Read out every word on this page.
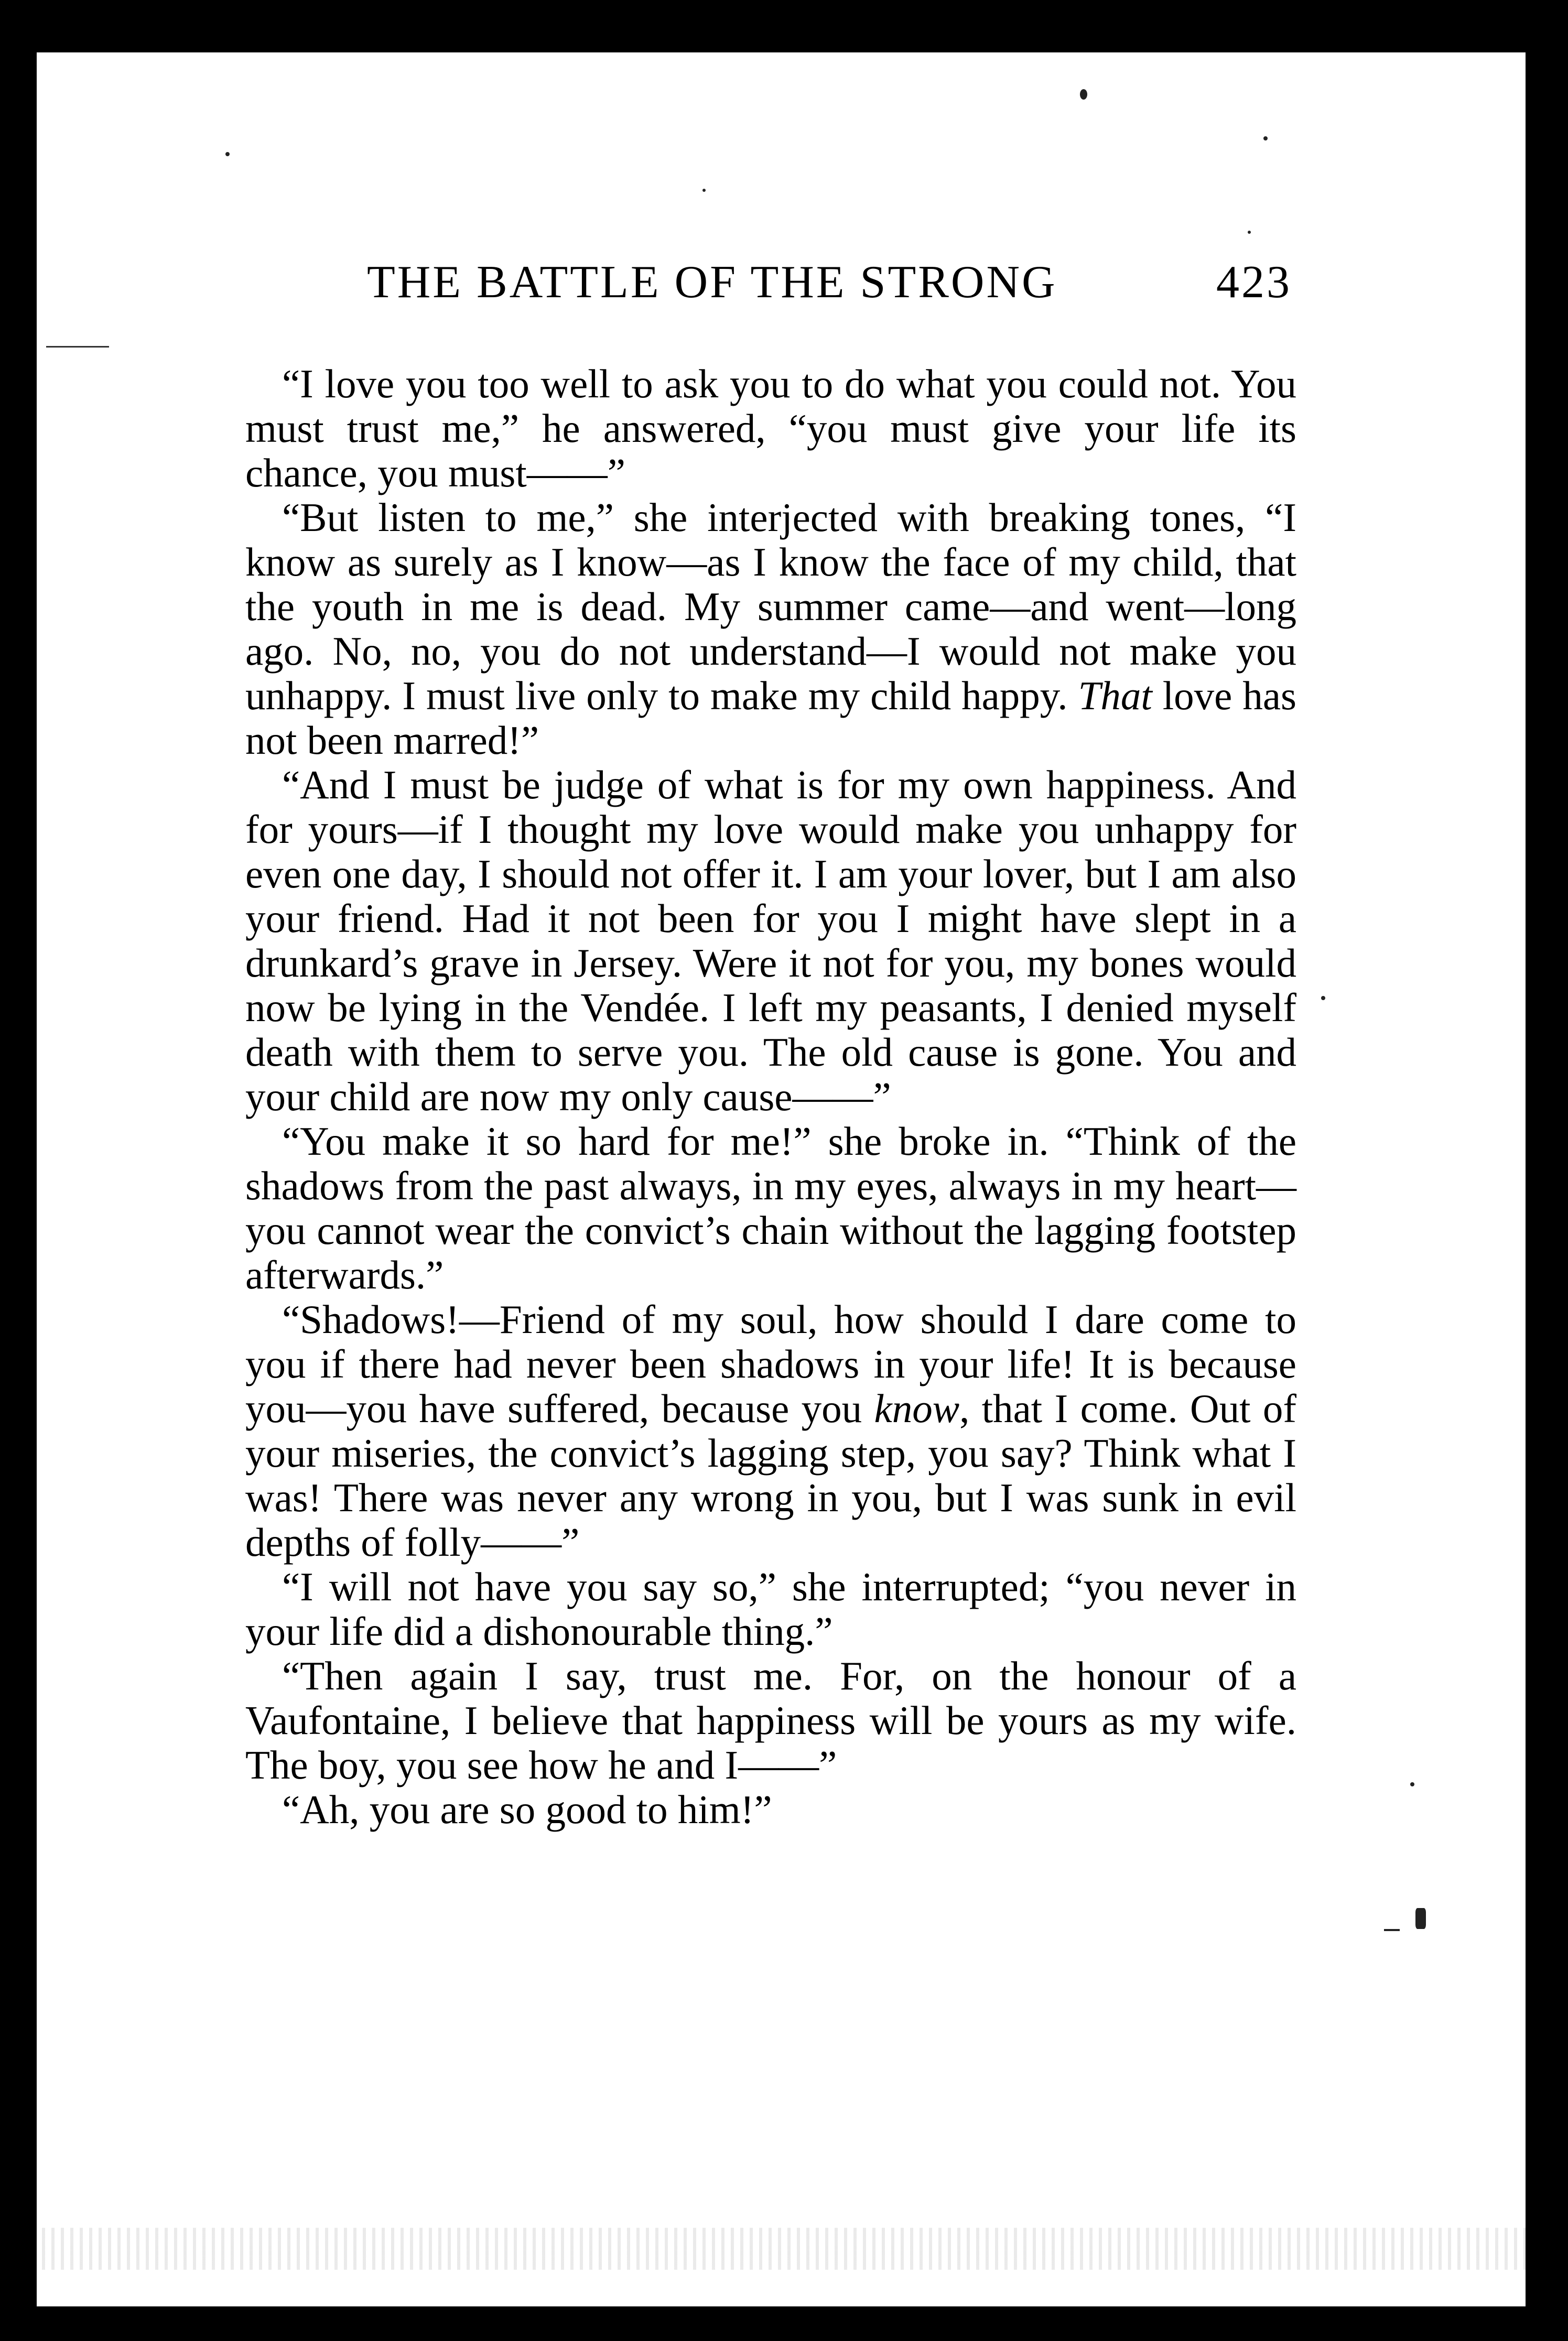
THE BATTLE OF THE STRONG	423

“I love you too well to ask you to do what you could not. You must trust me,” he answered, “you must give your life its chance, you must——”

“But listen to me,” she interjected with breaking tones, “I know as surely as I know—as I know the face of my child, that the youth in me is dead. My summer came—and went—long ago. No, no, you do not understand—I would not make you unhappy. I must live only to make my child happy. That love has not been marred!”

“And I must be judge of what is for my own happiness. And for yours—if I thought my love would make you unhappy for even one day, I should not offer it. I am your lover, but I am also your friend. Had it not been for you I might have slept in a drunkard’s grave in Jersey. Were it not for you, my bones would now be lying in the Vendée. I left my peasants, I denied myself death with them to serve you. The old cause is gone. You and your child are now my only cause——”

“You make it so hard for me!” she broke in. “Think of the shadows from the past always, in my eyes, always in my heart—you cannot wear the convict’s chain without the lagging footstep afterwards.”

“Shadows!—Friend of my soul, how should I dare come to you if there had never been shadows in your life! It is because you—you have suffered, because you know, that I come. Out of your miseries, the convict’s lagging step, you say? Think what I was! There was never any wrong in you, but I was sunk in evil depths of folly——”

“I will not have you say so,” she interrupted; “you never in your life did a dishonourable thing.”

“Then again I say, trust me. For, on the honour of a Vaufontaine, I believe that happiness will be yours as my wife. The boy, you see how he and I——”

“Ah, you are so good to him!”
